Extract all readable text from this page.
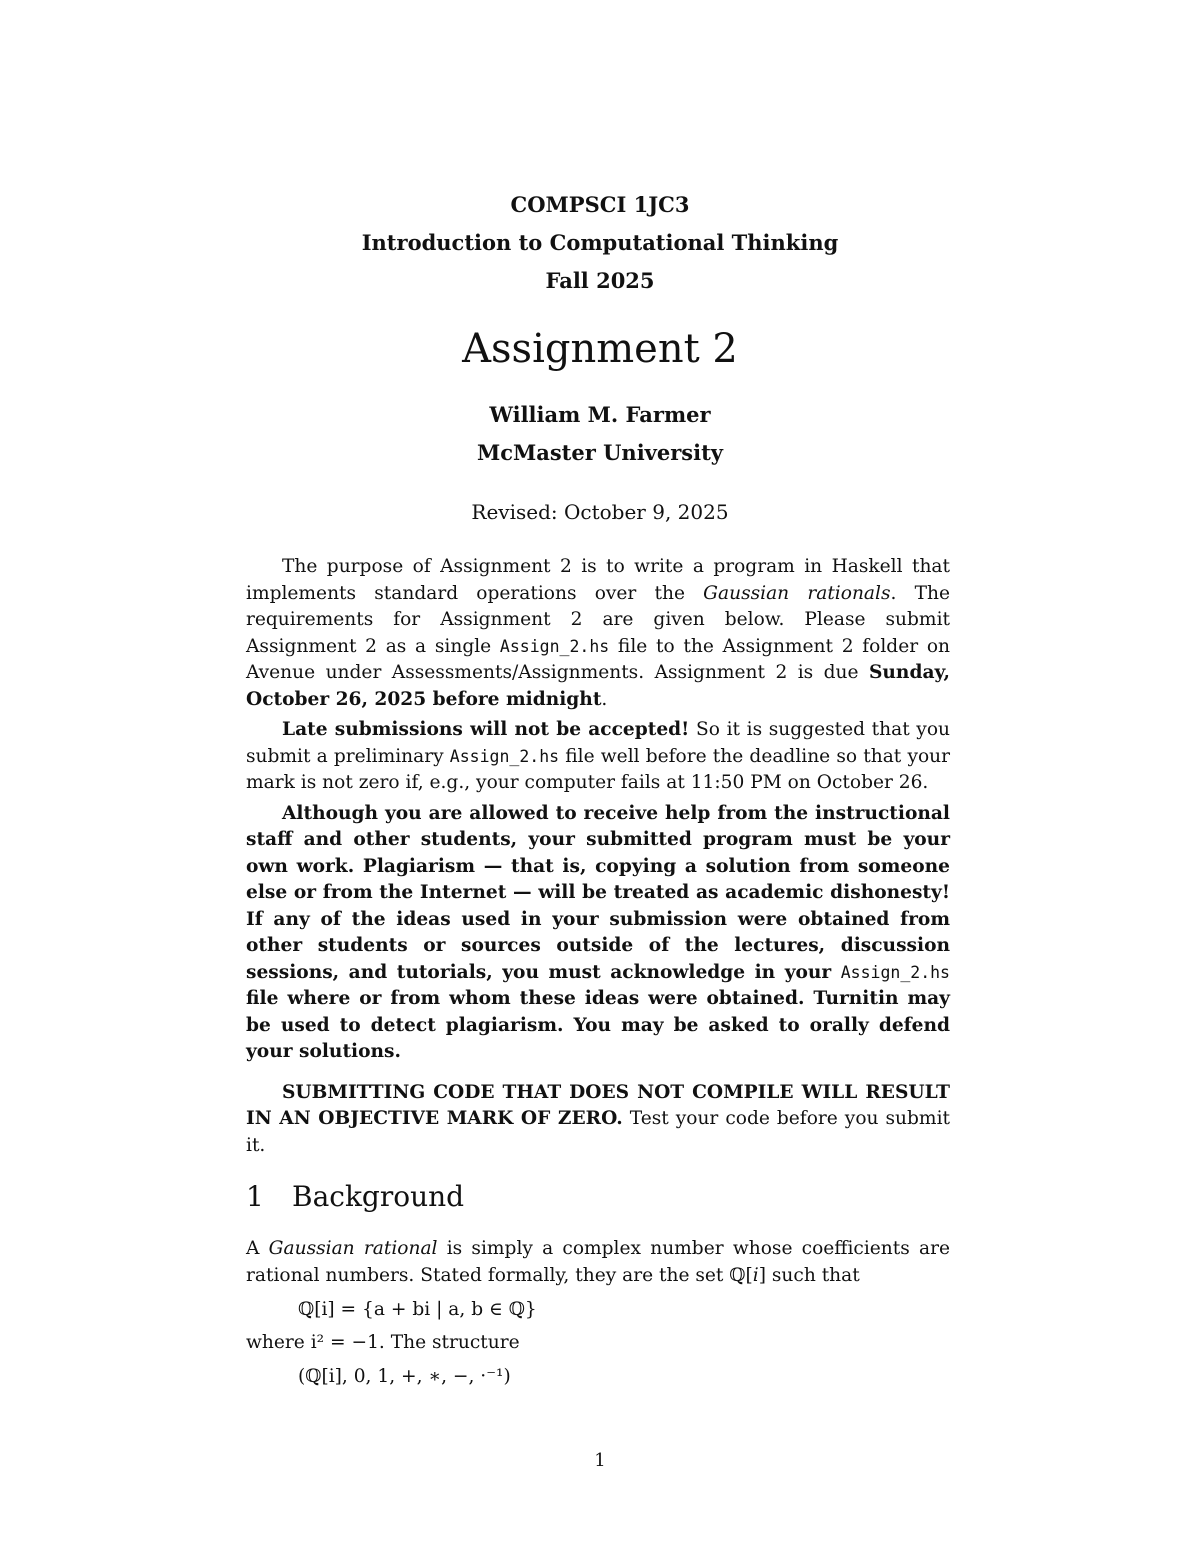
COMPSCI 1JC3
Introduction to Computational Thinking
Fall 2025
Assignment 2
William M. Farmer
McMaster University
Revised: October 9, 2025

The purpose of Assignment 2 is to write a program in Haskell that implements standard operations over the Gaussian rationals. The requirements for Assignment 2 are given below. Please submit Assignment 2 as a single Assign_2.hs file to the Assignment 2 folder on Avenue under Assessments/Assignments. Assignment 2 is due Sunday, October 26, 2025 before midnight.

Late submissions will not be accepted! So it is suggested that you submit a preliminary Assign_2.hs file well before the deadline so that your mark is not zero if, e.g., your computer fails at 11:50 PM on October 26.

Although you are allowed to receive help from the instructional staff and other students, your submitted program must be your own work. Plagiarism — that is, copying a solution from someone else or from the Internet — will be treated as academic dishonesty! If any of the ideas used in your submission were obtained from other students or sources outside of the lectures, discussion sessions, and tutorials, you must acknowledge in your Assign_2.hs file where or from whom these ideas were obtained. Turnitin may be used to detect plagiarism. You may be asked to orally defend your solutions.

SUBMITTING CODE THAT DOES NOT COMPILE WILL RESULT IN AN OBJECTIVE MARK OF ZERO. Test your code before you submit it.

1 Background

A Gaussian rational is simply a complex number whose coefficients are rational numbers. Stated formally, they are the set ℚ[i] such that

ℚ[i] = {a + bi | a, b ∈ ℚ}

where i² = −1. The structure

(ℚ[i], 0, 1, +, ∗, −, ·⁻¹)

1
